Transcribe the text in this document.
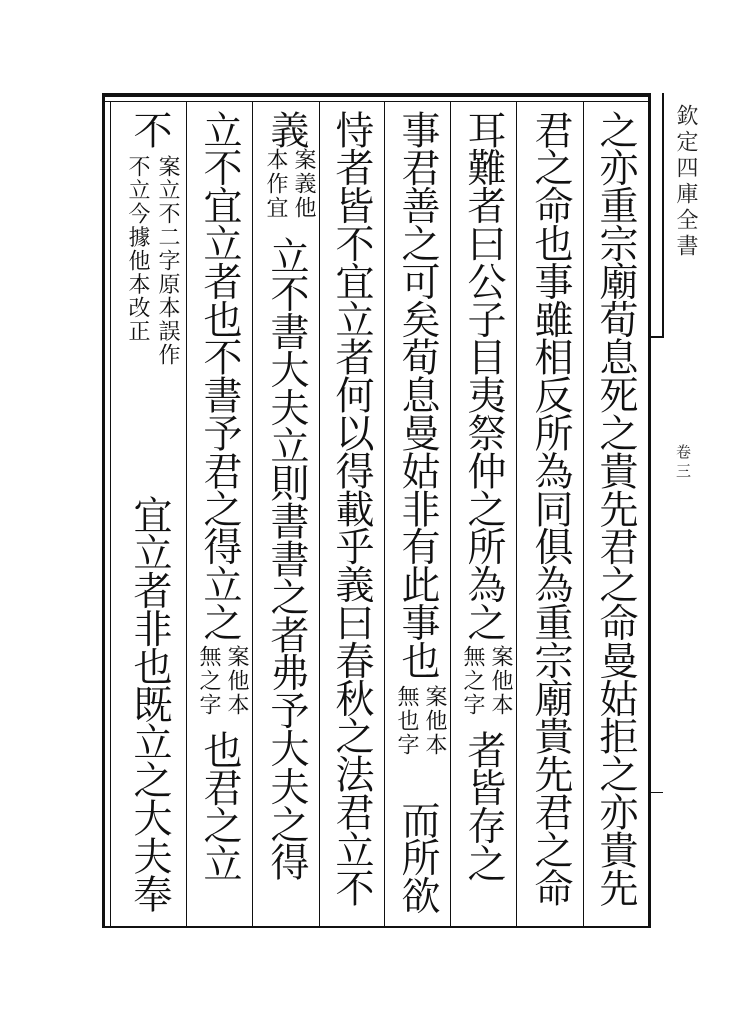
欽定四庫全書
卷三
之亦重宗廟荀息死之貴先君之命曼姑拒之亦貴先
君之命也事雖相反所為同俱為重宗廟貴先君之命
耳難者曰公子目夷祭仲之所為之
案他本
無之字
者皆存之
事君善之可矣荀息曼姑非有此事也
案他本
無也字
而所欲
恃者皆不宜立者何以得載乎義曰春秋之法君立不
義
案義他
本作宜
立不書大夫立則書書之者弗予大夫之得
立不宜立者也不書予君之得立之
案他本
無之字
也君之立
不
案立不二字原本誤作
不立今據他本改正
宜立者非也既立之大夫奉
